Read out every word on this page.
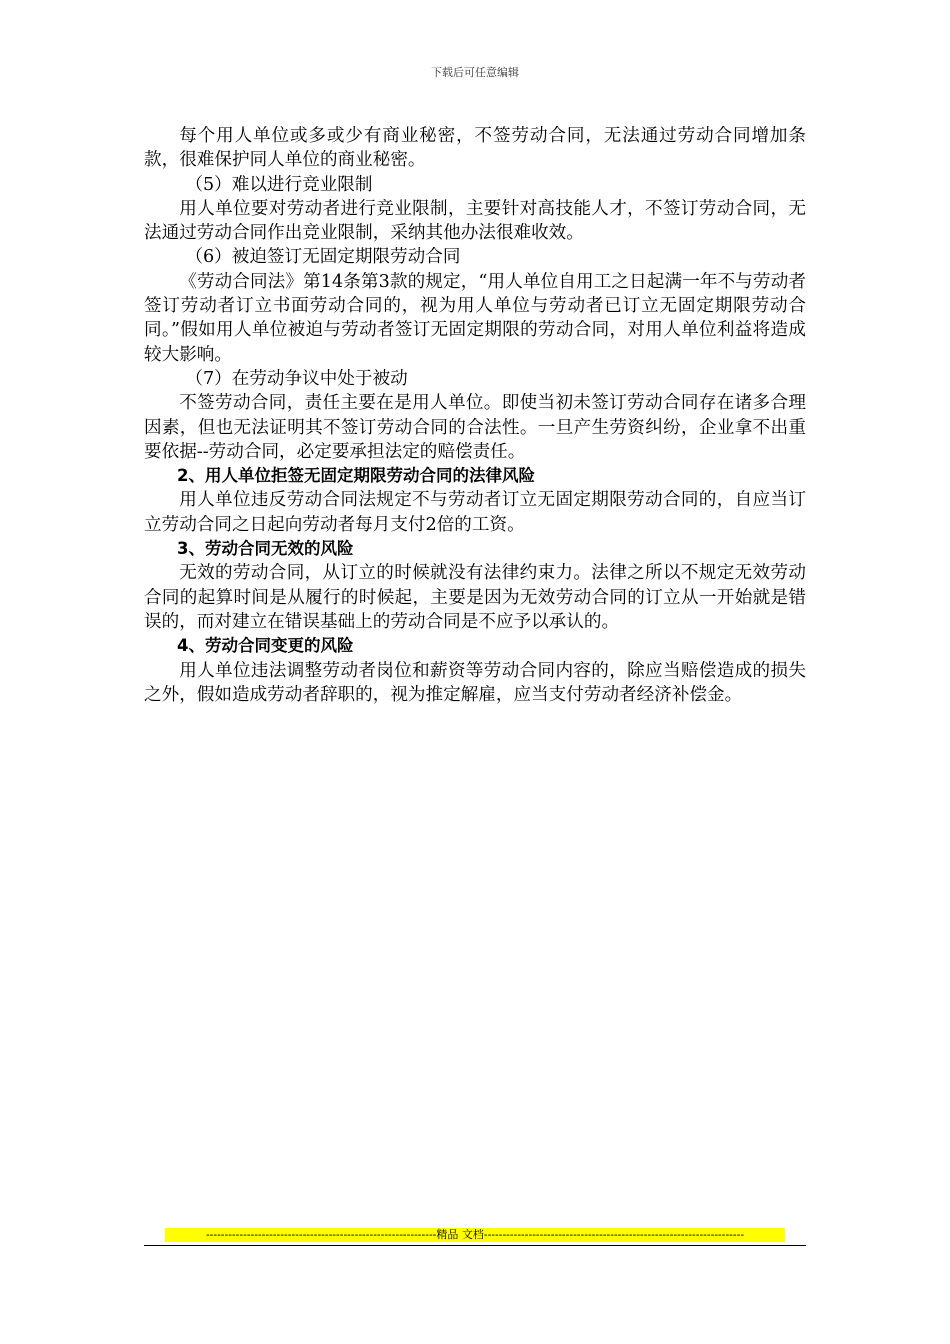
下载后可任意编辑

每个用人单位或多或少有商业秘密，不签劳动合同，无法通过劳动合同增加条款，很难保护同人单位的商业秘密。

（5）难以进行竞业限制

用人单位要对劳动者进行竞业限制，主要针对高技能人才，不签订劳动合同，无法通过劳动合同作出竞业限制，采纳其他办法很难收效。

（6）被迫签订无固定期限劳动合同

《劳动合同法》第14条第3款的规定，“用人单位自用工之日起满一年不与劳动者签订劳动者订立书面劳动合同的，视为用人单位与劳动者已订立无固定期限劳动合同。”假如用人单位被迫与劳动者签订无固定期限的劳动合同，对用人单位利益将造成较大影响。

（7）在劳动争议中处于被动

不签劳动合同，责任主要在是用人单位。即使当初未签订劳动合同存在诸多合理因素，但也无法证明其不签订劳动合同的合法性。一旦产生劳资纠纷，企业拿不出重要依据--劳动合同，必定要承担法定的赔偿责任。

2、用人单位拒签无固定期限劳动合同的法律风险

用人单位违反劳动合同法规定不与劳动者订立无固定期限劳动合同的，自应当订立劳动合同之日起向劳动者每月支付2倍的工资。

3、劳动合同无效的风险

无效的劳动合同，从订立的时候就没有法律约束力。法律之所以不规定无效劳动合同的起算时间是从履行的时候起，主要是因为无效劳动合同的订立从一开始就是错误的，而对建立在错误基础上的劳动合同是不应予以承认的。

4、劳动合同变更的风险

用人单位违法调整劳动者岗位和薪资等劳动合同内容的，除应当赔偿造成的损失之外，假如造成劳动者辞职的，视为推定解雇，应当支付劳动者经济补偿金。

--------------------------------------------------------------精品 文档----------------------------------------------------------------------
